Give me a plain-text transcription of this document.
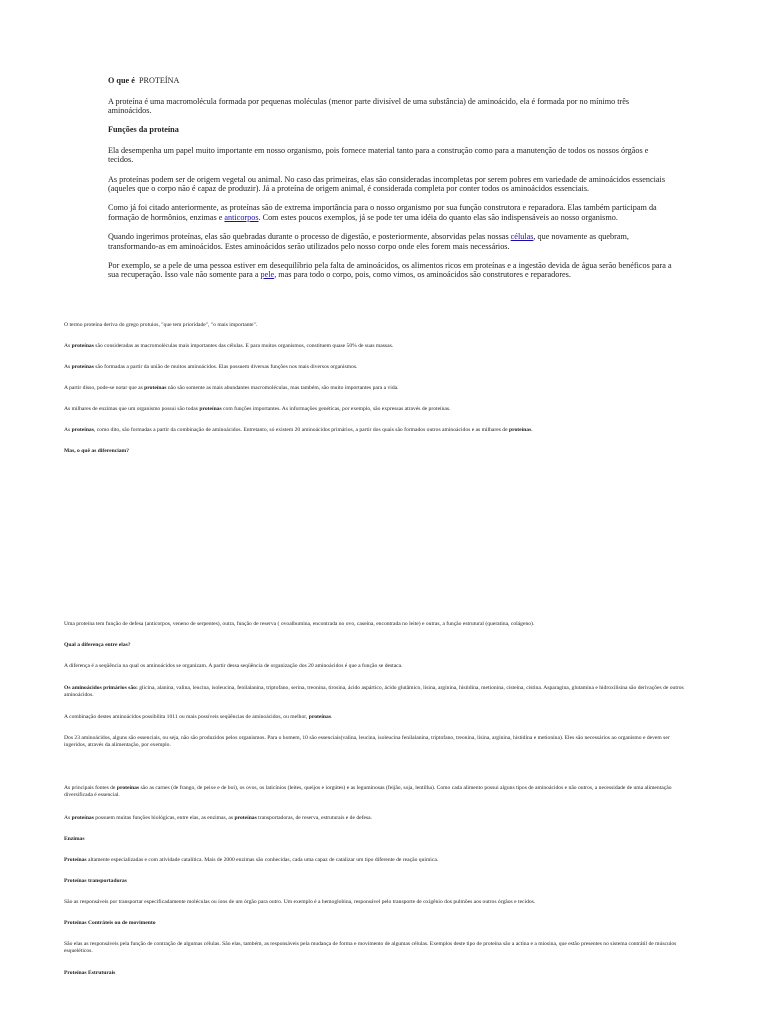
O que é PROTEÍNA

A proteína é uma macromolécula formada por pequenas moléculas (menor parte divisível de uma substância) de aminoácido, ela é formada por no mínimo três aminoácidos.

Funções da proteína

Ela desempenha um papel muito importante em nosso organismo, pois fornece material tanto para a construção como para a manutenção de todos os nossos órgãos e tecidos.

As proteínas podem ser de origem vegetal ou animal. No caso das primeiras, elas são consideradas incompletas por serem pobres em variedade de aminoácidos essenciais (aqueles que o corpo não é capaz de produzir). Já a proteína de origem animal, é considerada completa por conter todos os aminoácidos essenciais.

Como já foi citado anteriormente, as proteínas são de extrema importância para o nosso organismo por sua função construtora e reparadora. Elas também participam da formação de hormônios, enzimas e anticorpos. Com estes poucos exemplos, já se pode ter uma idéia do quanto elas são indispensáveis ao nosso organismo.

Quando ingerimos proteínas, elas são quebradas durante o processo de digestão, e posteriormente, absorvidas pelas nossas células, que novamente as quebram, transformando-as em aminoácidos. Estes aminoácidos serão utilizados pelo nosso corpo onde eles forem mais necessários.

Por exemplo, se a pele de uma pessoa estiver em desequilíbrio pela falta de aminoácidos, os alimentos ricos em proteínas e a ingestão devida de água serão benéficos para a sua recuperação. Isso vale não somente para a pele, mas para todo o corpo, pois, como vimos, os aminoácidos são construtores e reparadores.

O termo proteína deriva do grego protuios, "que tem prioridade", "o mais importante".

As proteínas são consideradas as macromoléculas mais importantes das células. E para muitos organismos, constituem quase 50% de suas massas.

As proteínas são formadas a partir da união de muitos aminoácidos. Elas possuem diversas funções nos mais diversos organismos.

A partir disso, pode-se notar que as proteínas não são somente as mais abundantes macromoléculas, mas também, são muito importantes para a vida.

As milhares de enzimas que um organismo possui são todas proteínas com funções importantes. As informações genéticas, por exemplo, são expressas através de proteínas.

As proteínas, como dito, são formadas a partir da combinação de aminoácidos. Entretanto, só existem 20 aminoácidos primários, a partir dos quais são formados outros aminoácidos e as milhares de proteínas.

Mas, o quê as diferenciam?

Uma proteína tem função de defesa (anticorpos, veneno de serpentes), outra, função de reserva ( ovoalbumina, encontrada no ovo, caseína, encontrada no leite) e outras, a função estrutural (queratina, colágeno).

Qual a diferença entre elas?

A diferença é a seqüência na qual os aminoácidos se organizam. A partir dessa seqüência de organização dos 20 aminoácidos é que a função se destaca.

Os aminoácidos primários são: glicina, alanina, valina, leucina, isoleucina, fenilalanina, triptofano, serina, treonina, tirosina, ácido aspártico, ácido glutâmico, lisina, arginina, histidina, metionina, cisteína, cistina. Asparagina, glutamina e hidroxilisina são derivações de outros aminoácidos.

A combinação destes aminoácidos possibilita 1011 ou mais possíveis seqüências de aminoácidos, ou melhor, proteínas.

Dos 23 aminoácidos, alguns são essenciais, ou seja, não são produzidos pelos organismos. Para o homem, 10 são essenciais(valina, leucina, isoleucina fenilalanina, triptofano, treonina, lisina, arginina, histidina e metionina). Eles são necessários ao organismo e devem ser ingeridos, através da alimentação, por exemplo.

As principais fontes de proteínas são as carnes (de frango, de peixe e de boi), os ovos, os laticínios (leites, queijos e iorgútes) e as leguminosas (feijão, soja, lentilha). Como cada alimento possui alguns tipos de aminoácidos e não outros, a necessidade de uma alimentação diversificada é essencial.

As proteínas possuem muitas funções biológicas, entre elas, as enzimas, as proteínas transportadoras, de reserva, estruturais e de defesa.

Enzimas

Proteínas altamente especializadas e com atividade catalítica. Mais de 2000 enzimas são conhecidas, cada uma capaz de catalizar um tipo diferente de reação química.

Proteínas transportadoras

São as responsáveis por transportar especificadamente moléculas ou íons de um órgão para outro. Um exemplo é a hemoglobina, responsável pelo transporte de oxigênio dos pulmões aos outros órgãos e tecidos.

Proteínas Contráteis ou de movimento

São elas as responsáveis pela função de contração de algumas células. São elas, também, as responsáveis pela mudança de forma e movimento de algumas células. Exemplos deste tipo de proteína são a actina e a miosina, que estão presentes no sistema contrátil de músculos esqueléticos.

Proteínas Estruturais
